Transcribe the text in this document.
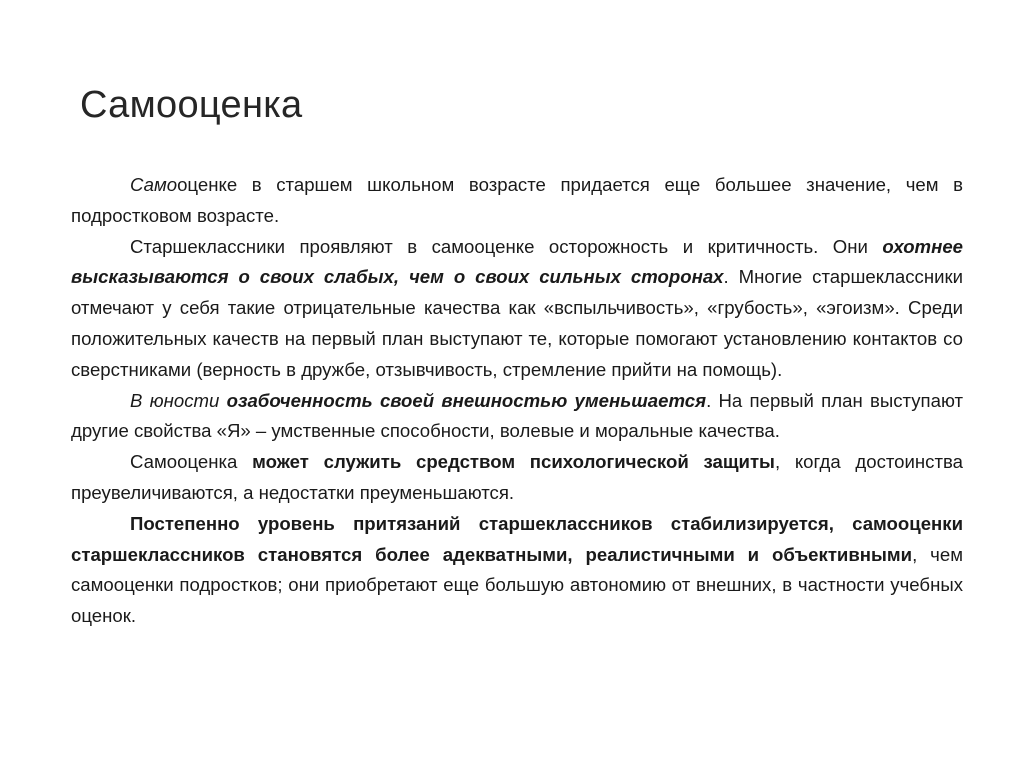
Самооценка

Самооценке в старшем школьном возрасте придается еще большее значение, чем в подростковом возрасте.

Старшеклассники проявляют в самооценке осторожность и критичность. Они охотнее высказываются о своих слабых, чем о своих сильных сторонах. Многие старшеклассники отмечают у себя такие отрицательные качества как «вспыльчивость», «грубость», «эгоизм». Среди положительных качеств на первый план выступают те, которые помогают установлению контактов со сверстниками (верность в дружбе, отзывчивость, стремление прийти на помощь).

В юности озабоченность своей внешностью уменьшается. На первый план выступают другие свойства «Я» – умственные способности, волевые и моральные качества.

Самооценка может служить средством психологической защиты, когда достоинства преувеличиваются, а недостатки преуменьшаются.

Постепенно уровень притязаний старшеклассников стабилизируется, самооценки старшеклассников становятся более адекватными, реалистичными и объективными, чем самооценки подростков; они приобретают еще большую автономию от внешних, в частности учебных оценок.
